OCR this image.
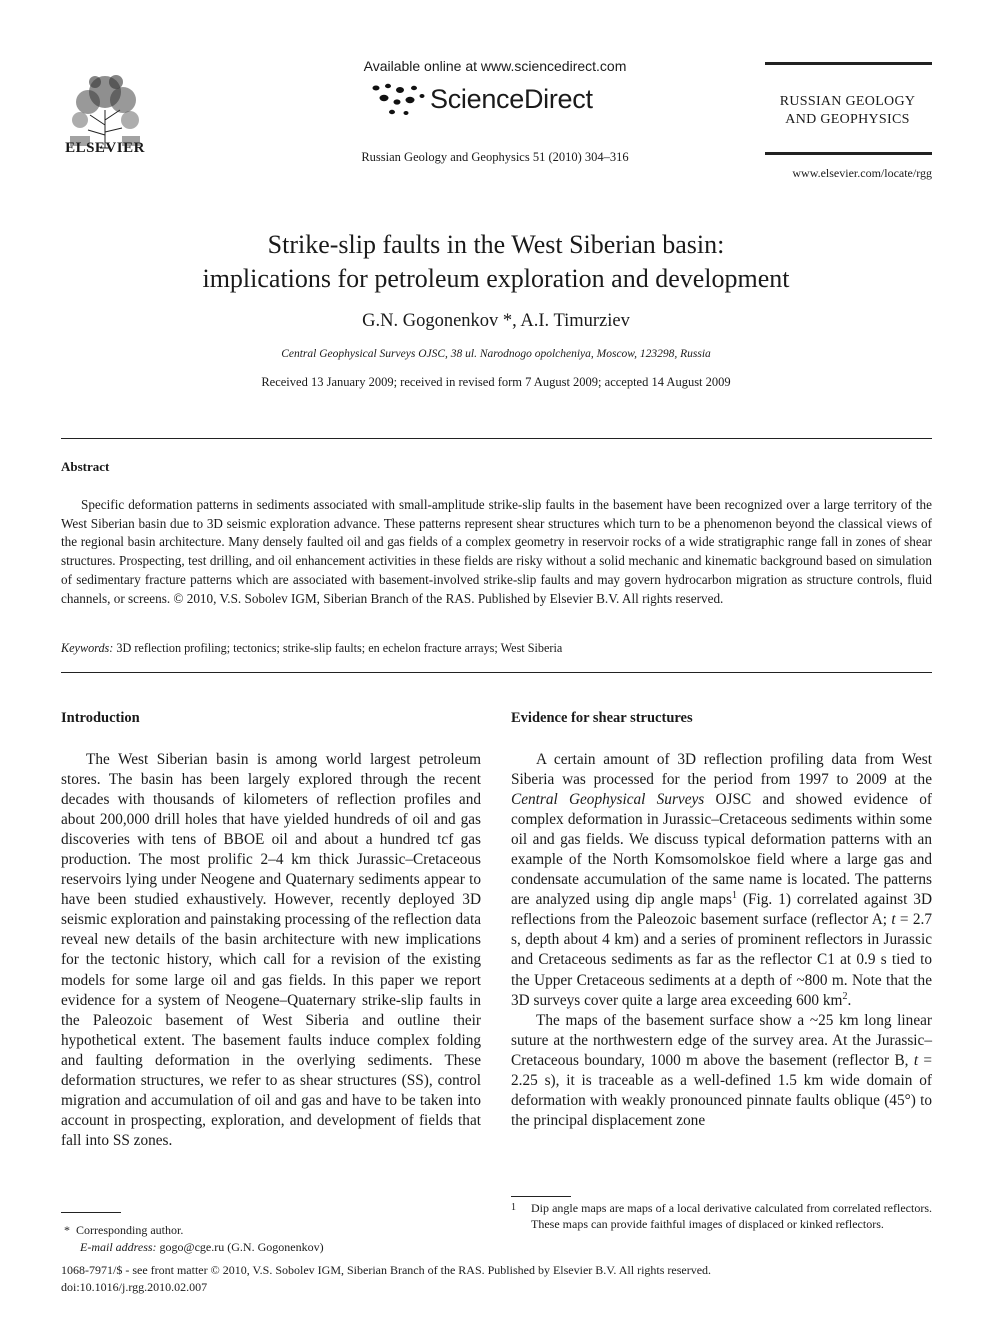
ELSEVIER
Available online at www.sciencedirect.com
ScienceDirect
Russian Geology and Geophysics 51 (2010) 304–316
RUSSIAN GEOLOGY AND GEOPHYSICS
www.elsevier.com/locate/rgg
Strike-slip faults in the West Siberian basin:
implications for petroleum exploration and development
G.N. Gogonenkov *, A.I. Timurziev
Central Geophysical Surveys OJSC, 38 ul. Narodnogo opolcheniya, Moscow, 123298, Russia
Received 13 January 2009; received in revised form 7 August 2009; accepted 14 August 2009
Abstract
Specific deformation patterns in sediments associated with small-amplitude strike-slip faults in the basement have been recognized over a large territory of the West Siberian basin due to 3D seismic exploration advance. These patterns represent shear structures which turn to be a phenomenon beyond the classical views of the regional basin architecture. Many densely faulted oil and gas fields of a complex geometry in reservoir rocks of a wide stratigraphic range fall in zones of shear structures. Prospecting, test drilling, and oil enhancement activities in these fields are risky without a solid mechanic and kinematic background based on simulation of sedimentary fracture patterns which are associated with basement-involved strike-slip faults and may govern hydrocarbon migration as structure controls, fluid channels, or screens. © 2010, V.S. Sobolev IGM, Siberian Branch of the RAS. Published by Elsevier B.V. All rights reserved.
Keywords: 3D reflection profiling; tectonics; strike-slip faults; en echelon fracture arrays; West Siberia
Introduction
The West Siberian basin is among world largest petroleum stores. The basin has been largely explored through the recent decades with thousands of kilometers of reflection profiles and about 200,000 drill holes that have yielded hundreds of oil and gas discoveries with tens of BBOE oil and about a hundred tcf gas production. The most prolific 2–4 km thick Jurassic–Cretaceous reservoirs lying under Neogene and Quaternary sediments appear to have been studied exhaustively. However, recently deployed 3D seismic exploration and painstaking processing of the reflection data reveal new details of the basin architecture with new implications for the tectonic history, which call for a revision of the existing models for some large oil and gas fields. In this paper we report evidence for a system of Neogene–Quaternary strike-slip faults in the Paleozoic basement of West Siberia and outline their hypothetical extent. The basement faults induce complex folding and faulting deformation in the overlying sediments. These deformation structures, we refer to as shear structures (SS), control migration and accumulation of oil and gas and have to be taken into account in prospecting, exploration, and development of fields that fall into SS zones.
Evidence for shear structures

A certain amount of 3D reflection profiling data from West Siberia was processed for the period from 1997 to 2009 at the Central Geophysical Surveys OJSC and showed evidence of complex deformation in Jurassic–Cretaceous sediments within some oil and gas fields. We discuss typical deformation patterns with an example of the North Komsomolskoe field where a large gas and condensate accumulation of the same name is located. The patterns are analyzed using dip angle maps$^1$ (Fig. 1) correlated against 3D reflections from the Paleozoic basement surface (reflector A; t = 2.7 s, depth about 4 km) and a series of prominent reflectors in Jurassic and Cretaceous sediments as far as the reflector C1 at 0.9 s tied to the Upper Cretaceous sediments at a depth of ~800 m. Note that the 3D surveys cover quite a large area exceeding 600 $km^2$.

The maps of the basement surface show a ~25 km long linear suture at the northwestern edge of the survey area. At the Jurassic–Cretaceous boundary, 1000 m above the basement (reflector B, t = 2.25 s), it is traceable as a well-defined 1.5 km wide domain of deformation with weakly pronounced pinnate faults oblique (45°) to the principal displacement zone

* Corresponding author.
E-mail address: gogo@cge.ru (G.N. Gogonenkov)
1 Dip angle maps are maps of a local derivative calculated from correlated reflectors. These maps can provide faithful images of displaced or kinked reflectors.
1068-7971/$ - see front matter © 2010, V.S. Sobolev IGM, Siberian Branch of the RAS. Published by Elsevier B.V. All rights reserved.
doi:10.1016/j.rgg.2010.02.007
